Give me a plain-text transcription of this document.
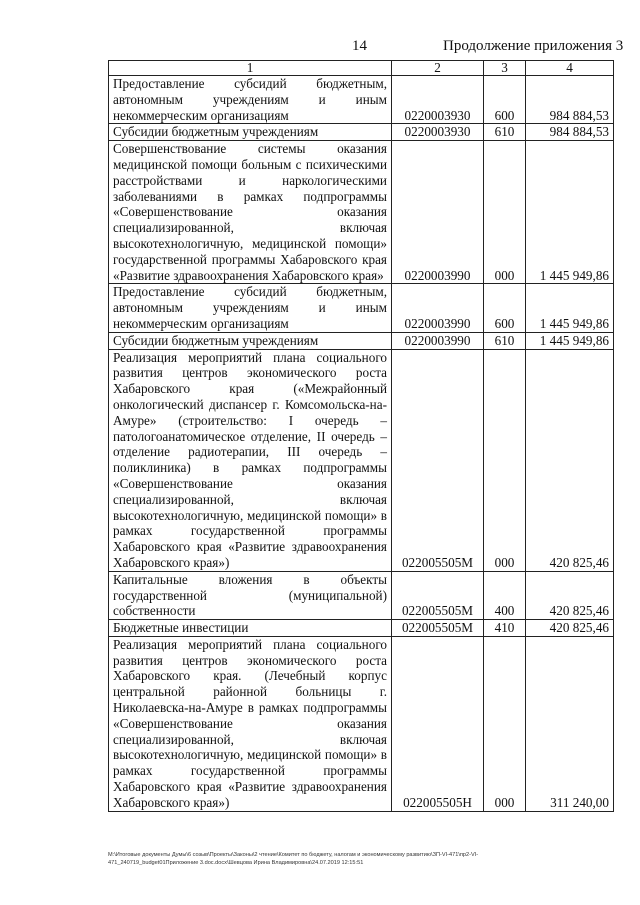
14	Продолжение приложения 3
1	2	3	4
Предоставление субсидий бюджетным, автономным учреждениям и иным некоммерческим организациям	0220003930	600	984 884,53
Субсидии бюджетным учреждениям	0220003930	610	984 884,53
Совершенствование системы оказания медицинской помощи больным с психическими расстройствами и наркологическими заболеваниями в рамках подпрограммы «Совершенствование оказания специализированной, включая высокотехнологичную, медицинской помощи» государственной программы Хабаровского края «Развитие здравоохранения Хабаровского края»	0220003990	000	1 445 949,86
Предоставление субсидий бюджетным, автономным учреждениям и иным некоммерческим организациям	0220003990	600	1 445 949,86
Субсидии бюджетным учреждениям	0220003990	610	1 445 949,86
Реализация мероприятий плана социального развития центров экономического роста Хабаровского края («Межрайонный онкологический диспансер г. Комсомольска-на-Амуре» (строительство: I очередь – патологоанатомическое отделение, II очередь – отделение радиотерапии, III очередь – поликлиника) в рамках подпрограммы «Совершенствование оказания специализированной, включая высокотехнологичную, медицинской помощи» в рамках государственной программы Хабаровского края «Развитие здравоохранения Хабаровского края»)	022005505М	000	420 825,46
Капитальные вложения в объекты государственной (муниципальной) собственности	022005505М	400	420 825,46
Бюджетные инвестиции	022005505М	410	420 825,46
Реализация мероприятий плана социального развития центров экономического роста Хабаровского края. (Лечебный корпус центральной районной больницы г. Николаевска-на-Амуре в рамках подпрограммы «Совершенствование оказания специализированной, включая высокотехнологичную, медицинской помощи» в рамках государственной программы Хабаровского края «Развитие здравоохранения Хабаровского края»)	022005505Н	000	311 240,00
М:\Итоговые документы Думы\6 созыв\Проекты\Законы\2 чтение\Комитет по бюджету, налогам и экономическому развитию\ЗП-VI-471\пр2-VI-
471_240719_budget01Приложение 3.doc.docx\Шевцова Ирина Владимировна\24.07.2019 12:15:51
